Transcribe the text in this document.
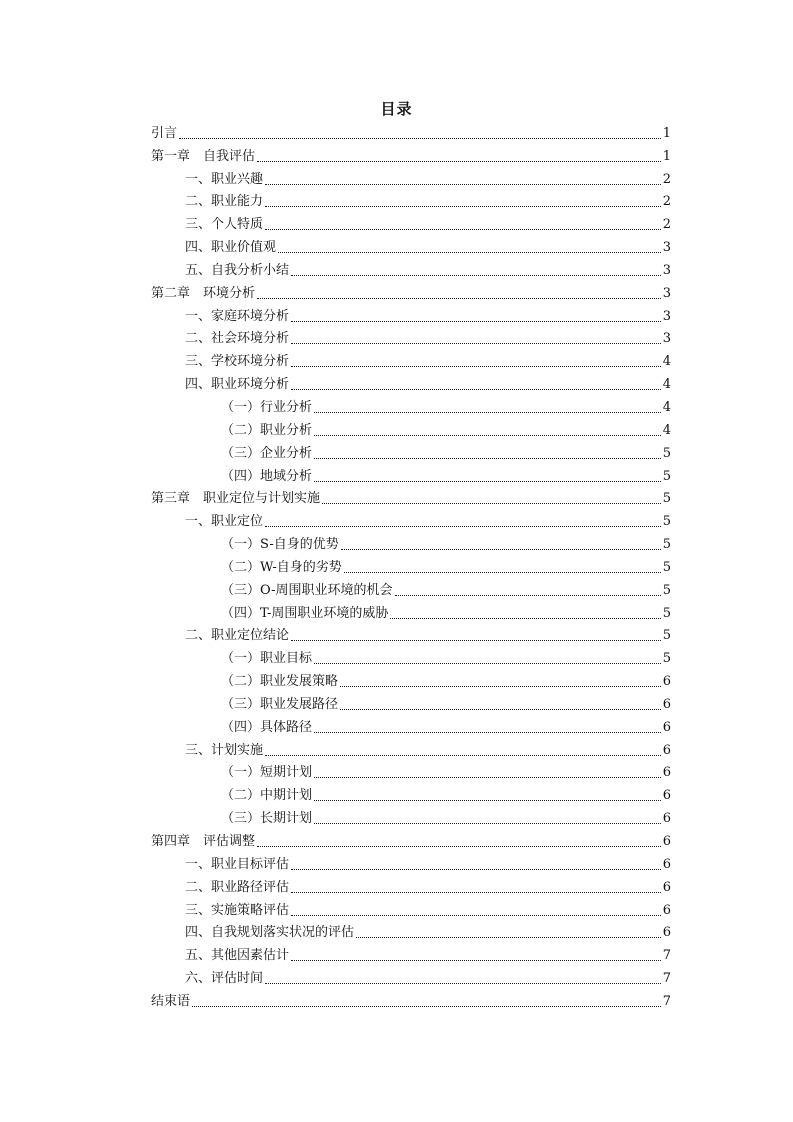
目录
引言	1
第一章　自我评估	1
一、职业兴趣	2
二、职业能力	2
三、个人特质	2
四、职业价值观	3
五、自我分析小结	3
第二章　环境分析	3
一、家庭环境分析	3
二、社会环境分析	3
三、学校环境分析	4
四、职业环境分析	4
（一）行业分析	4
（二）职业分析	4
（三）企业分析	5
（四）地域分析	5
第三章　职业定位与计划实施	5
一、职业定位	5
（一）S-自身的优势	5
（二）W-自身的劣势	5
（三）O-周围职业环境的机会	5
（四）T-周围职业环境的威胁	5
二、职业定位结论	5
（一）职业目标	5
（二）职业发展策略	6
（三）职业发展路径	6
（四）具体路径	6
三、计划实施	6
（一）短期计划	6
（二）中期计划	6
（三）长期计划	6
第四章　评估调整	6
一、职业目标评估	6
二、职业路径评估	6
三、实施策略评估	6
四、自我规划落实状况的评估	6
五、其他因素估计	7
六、评估时间	7
结束语	7
